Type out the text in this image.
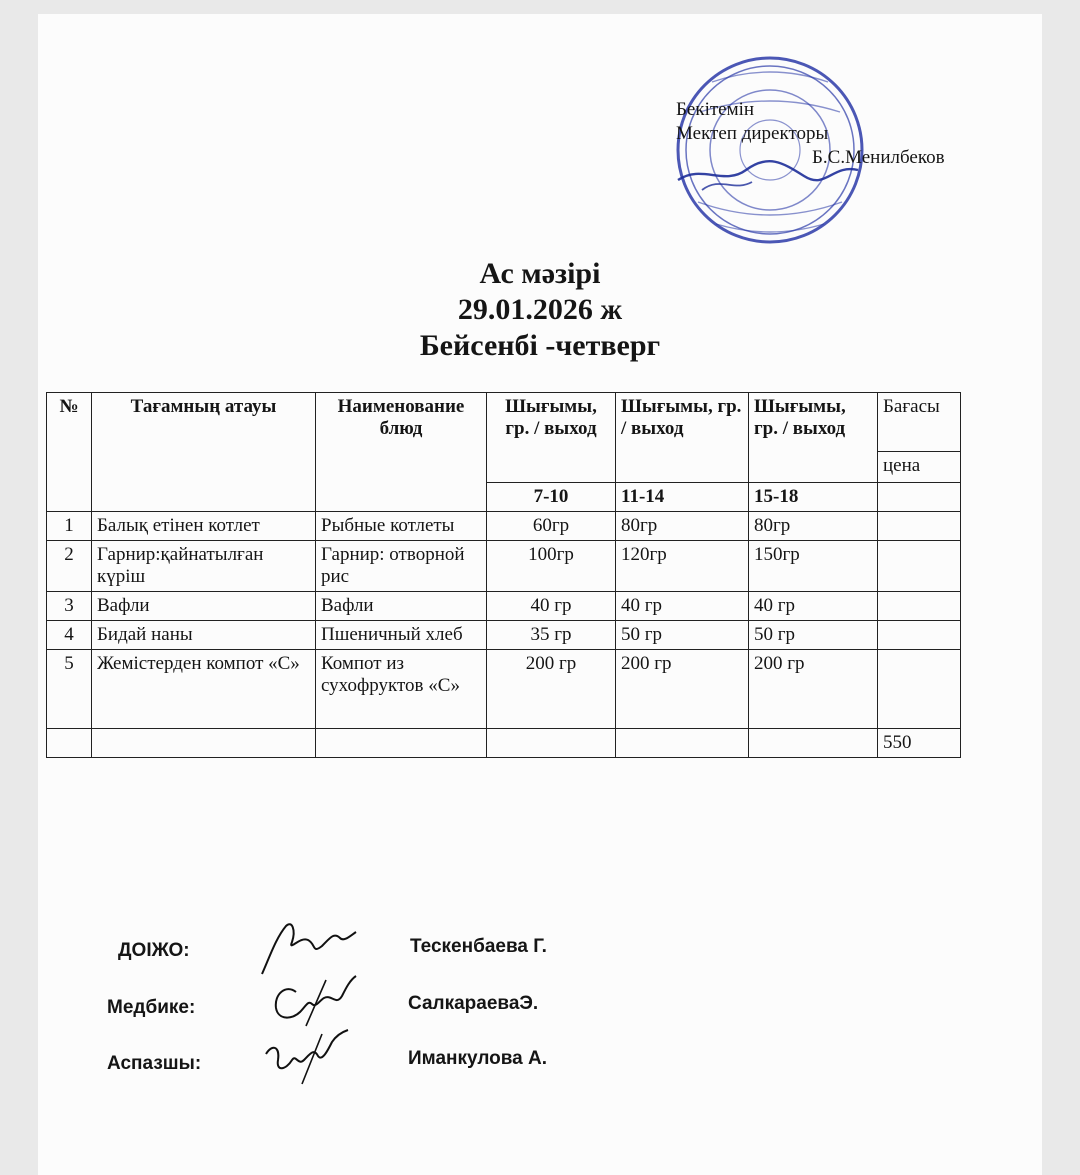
Бекітемін
Мектеп директоры
Б.С.Менилбеков
Ас мәзірі
29.01.2026 ж
Бейсенбі -четверг
№	Тағамның атауы	Наименование блюд	Шығымы, гр. / выход	Шығымы, гр. / выход	Шығымы, гр. / выход	Бағасы
						цена
			7-10	11-14	15-18	
1	Балық етінен котлет	Рыбные котлеты	60гр	80гр	80гр	
2	Гарнир:қайнатылған күріш	Гарнир: отворной рис	100гр	120гр	150гр	
3	Вафли	Вафли	40 гр	40 гр	40 гр	
4	Бидай наны	Пшеничный хлеб	35 гр	50 гр	50 гр	
5	Жемістерден компот «С»	Компот из сухофруктов «С»	200 гр	200 гр	200 гр	
						550
ДОІЖО:	Тескенбаева Г.
Медбике:	СалкараеваЭ.
Аспазшы:	Иманкулова А.
